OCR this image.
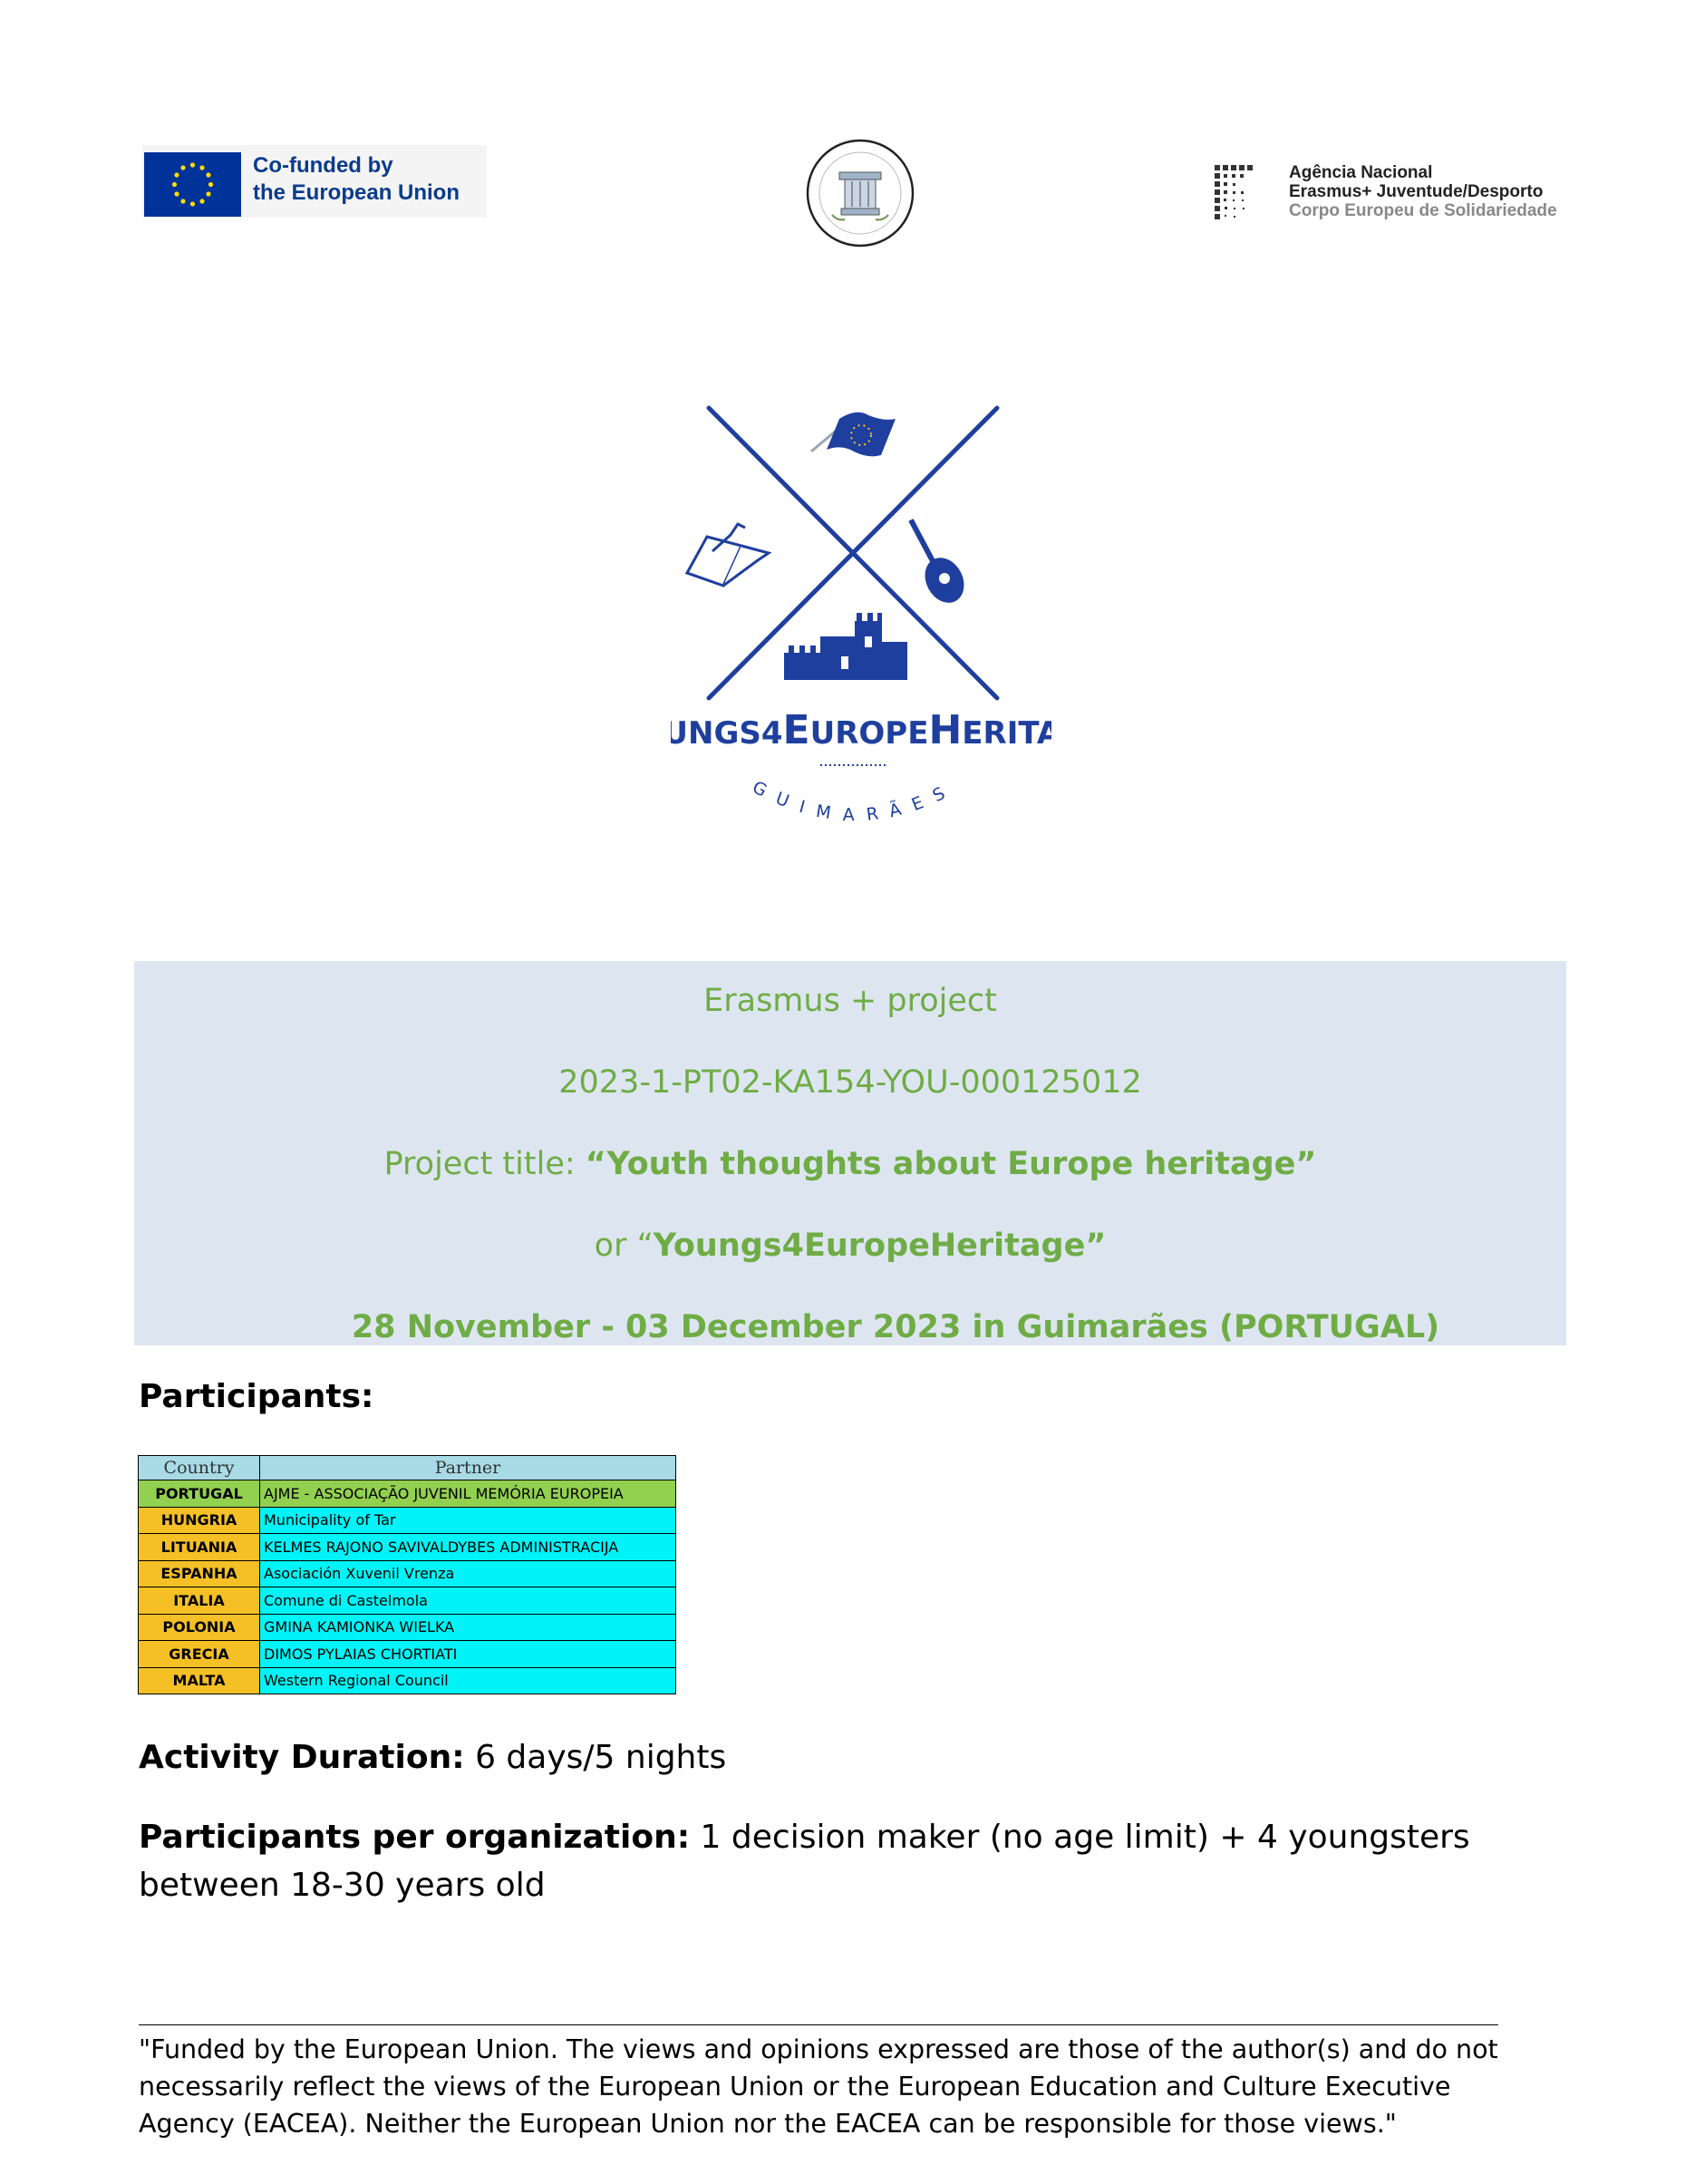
Co-funded by
the European Union
Agência Nacional
Erasmus+ Juventude/Desporto
Corpo Europeu de Solidariedade
UNGS4EUROPEHERITA
GUIMARÃES
Erasmus + project
2023-1-PT02-KA154-YOU-000125012
Project title: “Youth thoughts about Europe heritage”
or “Youngs4EuropeHeritage”
28 November - 03 December 2023 in Guimarães (PORTUGAL)
Participants:
Country	Partner
PORTUGAL	AJME - ASSOCIAÇÃO JUVENIL MEMÓRIA EUROPEIA
HUNGRIA	Municipality of Tar
LITUANIA	KELMES RAJONO SAVIVALDYBES ADMINISTRACIJA
ESPANHA	Asociación Xuvenil Vrenza
ITALIA	Comune di Castelmola
POLONIA	GMINA KAMIONKA WIELKA
GRECIA	DIMOS PYLAIAS CHORTIATI
MALTA	Western Regional Council
Activity Duration: 6 days/5 nights
Participants per organization: 1 decision maker (no age limit) + 4 youngsters between 18-30 years old
"Funded by the European Union. The views and opinions expressed are those of the author(s) and do not necessarily reflect the views of the European Union or the European Education and Culture Executive Agency (EACEA). Neither the European Union nor the EACEA can be responsible for those views."
